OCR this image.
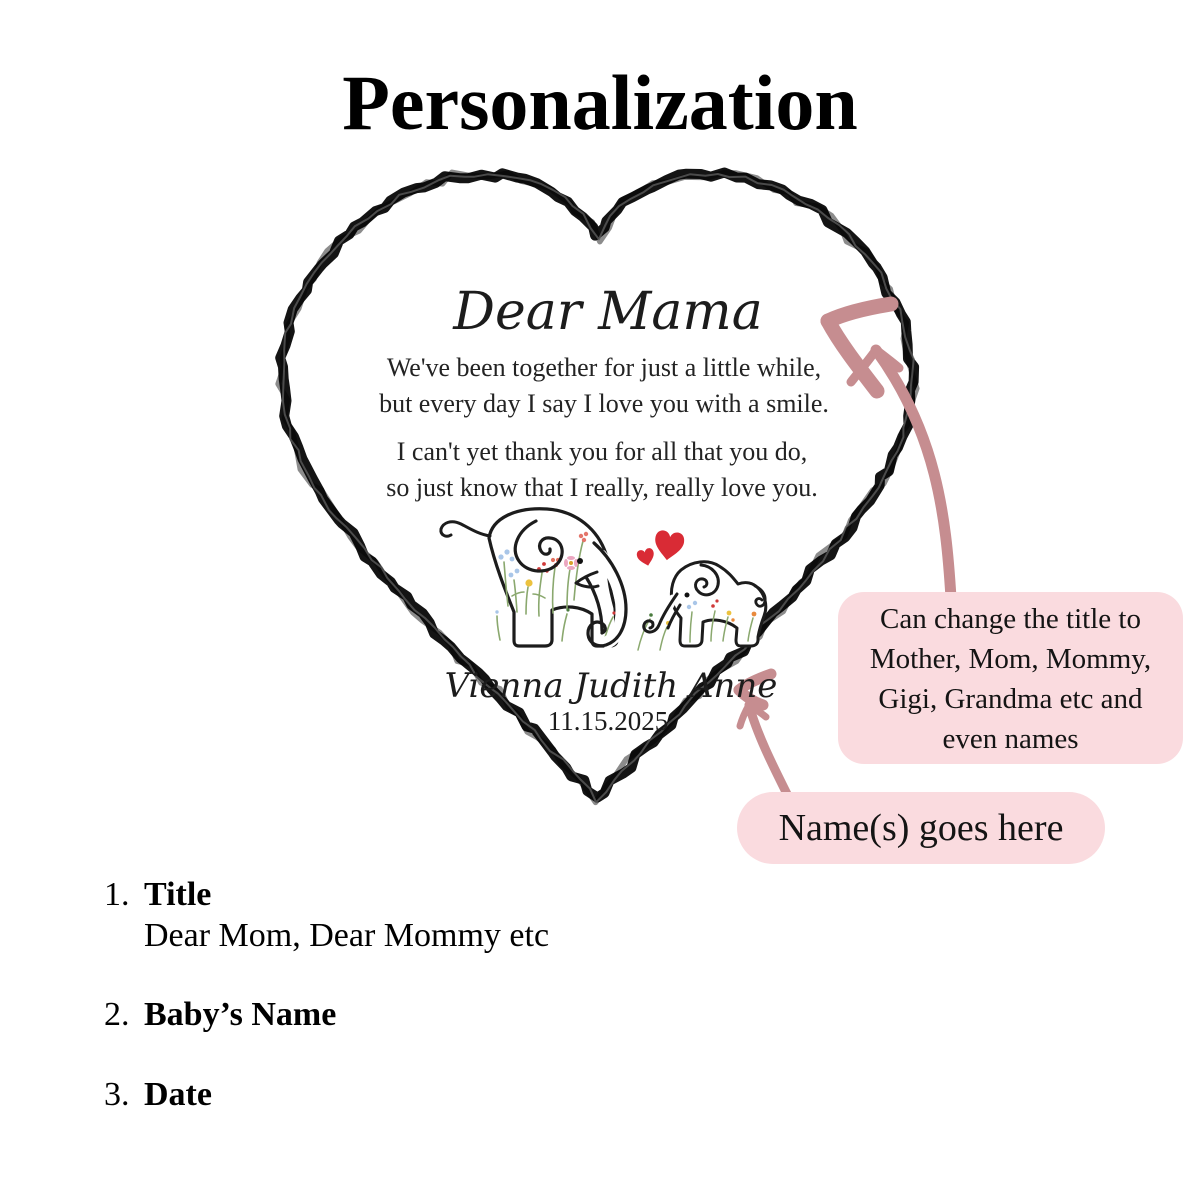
Personalization
Dear Mama
We've been together for just a little while,
but every day I say I love you with a smile.
I can't yet thank you for all that you do,
so just know that I really, really love you.
Vienna Judith Anne
11.15.2025
Can change the title to
Mother, Mom, Mommy,
Gigi, Grandma etc and
even names
Name(s) goes here
1. Title
Dear Mom, Dear Mommy etc
2. Baby’s Name
3. Date
